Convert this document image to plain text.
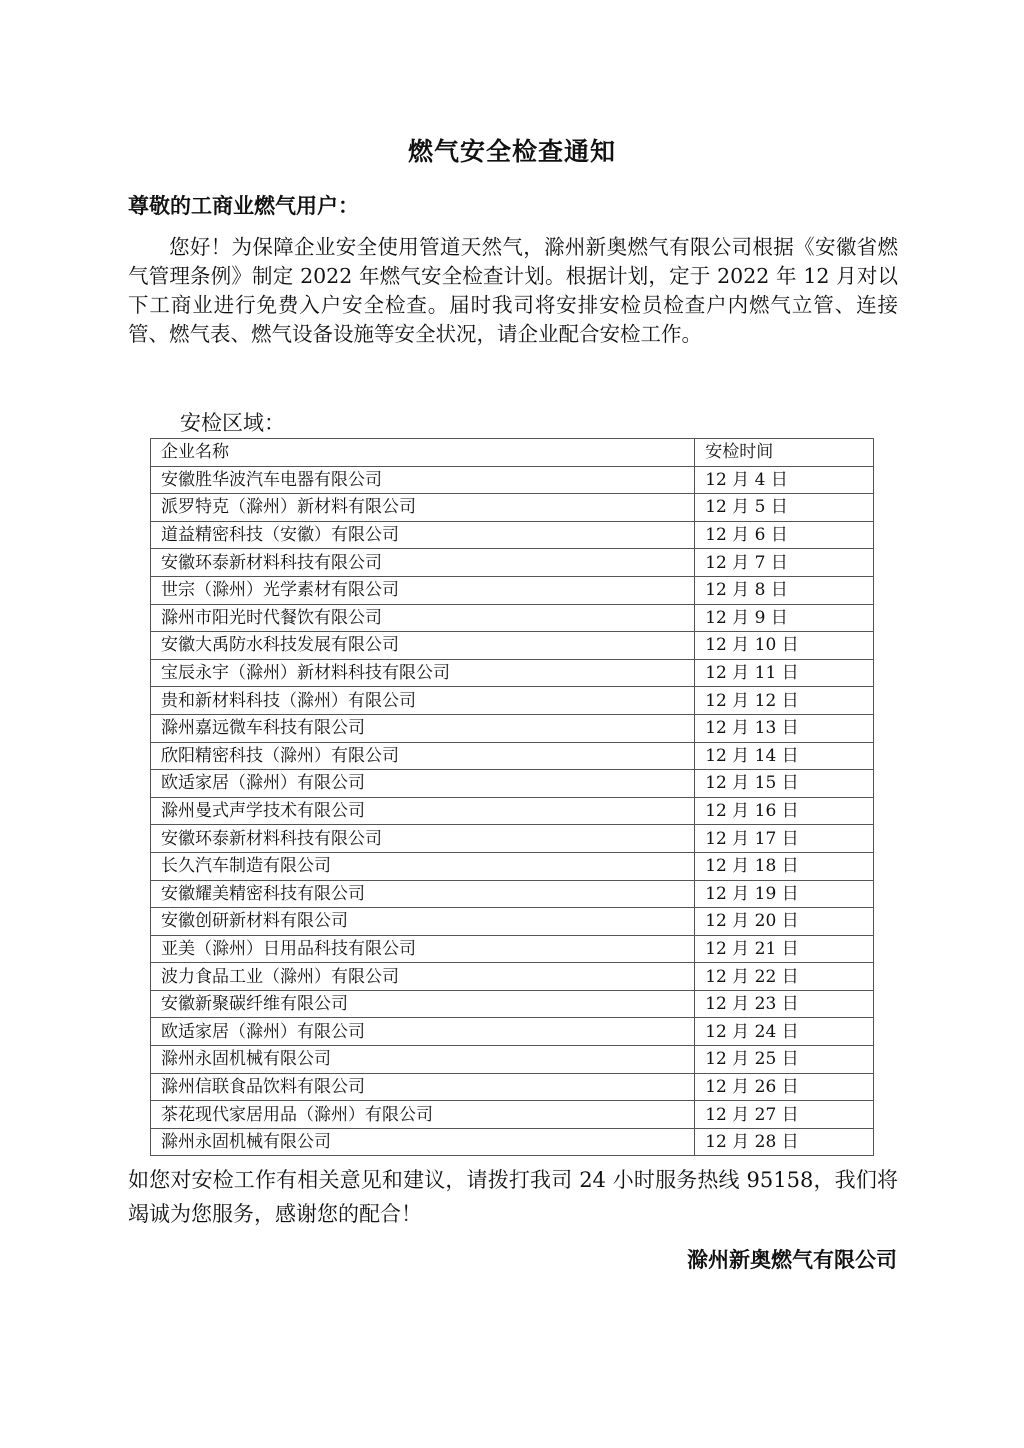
燃气安全检查通知
尊敬的工商业燃气用户：
您好！为保障企业安全使用管道天然气，滁州新奥燃气有限公司根据《安徽省燃气管理条例》制定 2022 年燃气安全检查计划。根据计划，定于 2022 年 12 月对以下工商业进行免费入户安全检查。届时我司将安排安检员检查户内燃气立管、连接管、燃气表、燃气设备设施等安全状况，请企业配合安检工作。
安检区域：
企业名称	安检时间
安徽胜华波汽车电器有限公司	12 月 4 日
派罗特克（滁州）新材料有限公司	12 月 5 日
道益精密科技（安徽）有限公司	12 月 6 日
安徽环泰新材料科技有限公司	12 月 7 日
世宗（滁州）光学素材有限公司	12 月 8 日
滁州市阳光时代餐饮有限公司	12 月 9 日
安徽大禹防水科技发展有限公司	12 月 10 日
宝辰永宇（滁州）新材料科技有限公司	12 月 11 日
贵和新材料科技（滁州）有限公司	12 月 12 日
滁州嘉远微车科技有限公司	12 月 13 日
欣阳精密科技（滁州）有限公司	12 月 14 日
欧适家居（滁州）有限公司	12 月 15 日
滁州曼式声学技术有限公司	12 月 16 日
安徽环泰新材料科技有限公司	12 月 17 日
长久汽车制造有限公司	12 月 18 日
安徽耀美精密科技有限公司	12 月 19 日
安徽创研新材料有限公司	12 月 20 日
亚美（滁州）日用品科技有限公司	12 月 21 日
波力食品工业（滁州）有限公司	12 月 22 日
安徽新聚碳纤维有限公司	12 月 23 日
欧适家居（滁州）有限公司	12 月 24 日
滁州永固机械有限公司	12 月 25 日
滁州信联食品饮料有限公司	12 月 26 日
茶花现代家居用品（滁州）有限公司	12 月 27 日
滁州永固机械有限公司	12 月 28 日
如您对安检工作有相关意见和建议，请拨打我司 24 小时服务热线 95158，我们将竭诚为您服务，感谢您的配合！
滁州新奥燃气有限公司
